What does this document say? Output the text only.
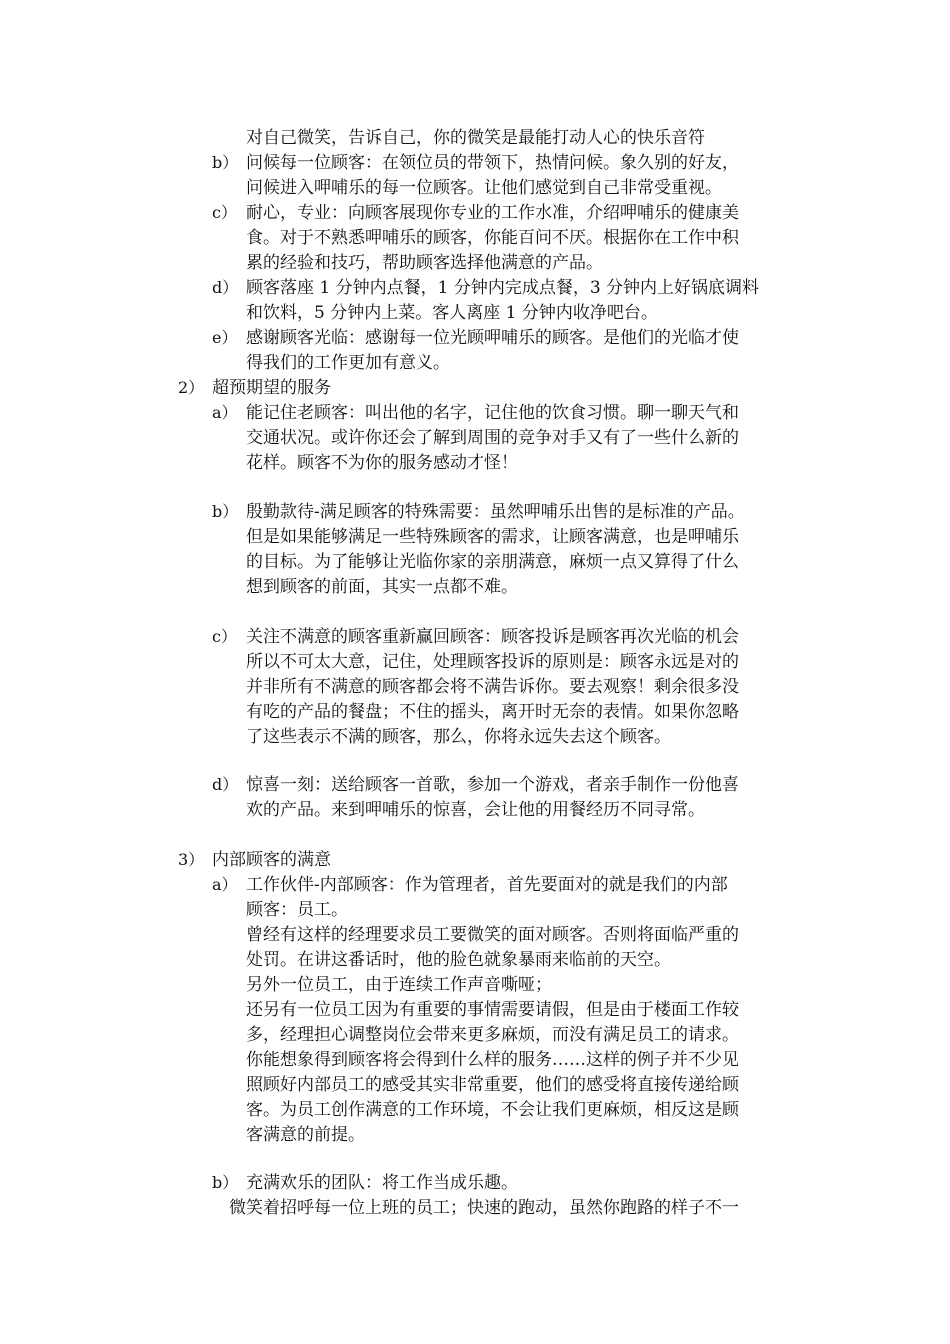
对自己微笑，告诉自己，你的微笑是最能打动人心的快乐音符
b） 问候每一位顾客：在领位员的带领下，热情问候。象久别的好友，
问候进入呷哺乐的每一位顾客。让他们感觉到自己非常受重视。
c） 耐心，专业：向顾客展现你专业的工作水准，介绍呷哺乐的健康美
食。对于不熟悉呷哺乐的顾客，你能百问不厌。根据你在工作中积
累的经验和技巧，帮助顾客选择他满意的产品。
d） 顾客落座 1 分钟内点餐，1 分钟内完成点餐，3 分钟内上好锅底调料
和饮料，5 分钟内上菜。客人离座 1 分钟内收净吧台。
e） 感谢顾客光临：感谢每一位光顾呷哺乐的顾客。是他们的光临才使
得我们的工作更加有意义。
2） 超预期望的服务
a） 能记住老顾客：叫出他的名字，记住他的饮食习惯。聊一聊天气和
交通状况。或许你还会了解到周围的竞争对手又有了一些什么新的
花样。顾客不为你的服务感动才怪！
b） 殷勤款待-满足顾客的特殊需要：虽然呷哺乐出售的是标准的产品。
但是如果能够满足一些特殊顾客的需求，让顾客满意，也是呷哺乐
的目标。为了能够让光临你家的亲朋满意，麻烦一点又算得了什么
想到顾客的前面，其实一点都不难。
c） 关注不满意的顾客重新赢回顾客：顾客投诉是顾客再次光临的机会
所以不可太大意，记住，处理顾客投诉的原则是：顾客永远是对的
并非所有不满意的顾客都会将不满告诉你。要去观察！剩余很多没
有吃的产品的餐盘；不住的摇头，离开时无奈的表情。如果你忽略
了这些表示不满的顾客，那么，你将永远失去这个顾客。
d） 惊喜一刻：送给顾客一首歌，参加一个游戏，者亲手制作一份他喜
欢的产品。来到呷哺乐的惊喜，会让他的用餐经历不同寻常。
3） 内部顾客的满意
a） 工作伙伴-内部顾客：作为管理者，首先要面对的就是我们的内部
顾客：员工。
曾经有这样的经理要求员工要微笑的面对顾客。否则将面临严重的
处罚。在讲这番话时，他的脸色就象暴雨来临前的天空。
另外一位员工，由于连续工作声音嘶哑；
还另有一位员工因为有重要的事情需要请假，但是由于楼面工作较
多，经理担心调整岗位会带来更多麻烦，而没有满足员工的请求。
你能想象得到顾客将会得到什么样的服务……这样的例子并不少见
照顾好内部员工的感受其实非常重要，他们的感受将直接传递给顾
客。为员工创作满意的工作环境，不会让我们更麻烦，相反这是顾
客满意的前提。
b） 充满欢乐的团队：将工作当成乐趣。
微笑着招呼每一位上班的员工；快速的跑动，虽然你跑路的样子不一
